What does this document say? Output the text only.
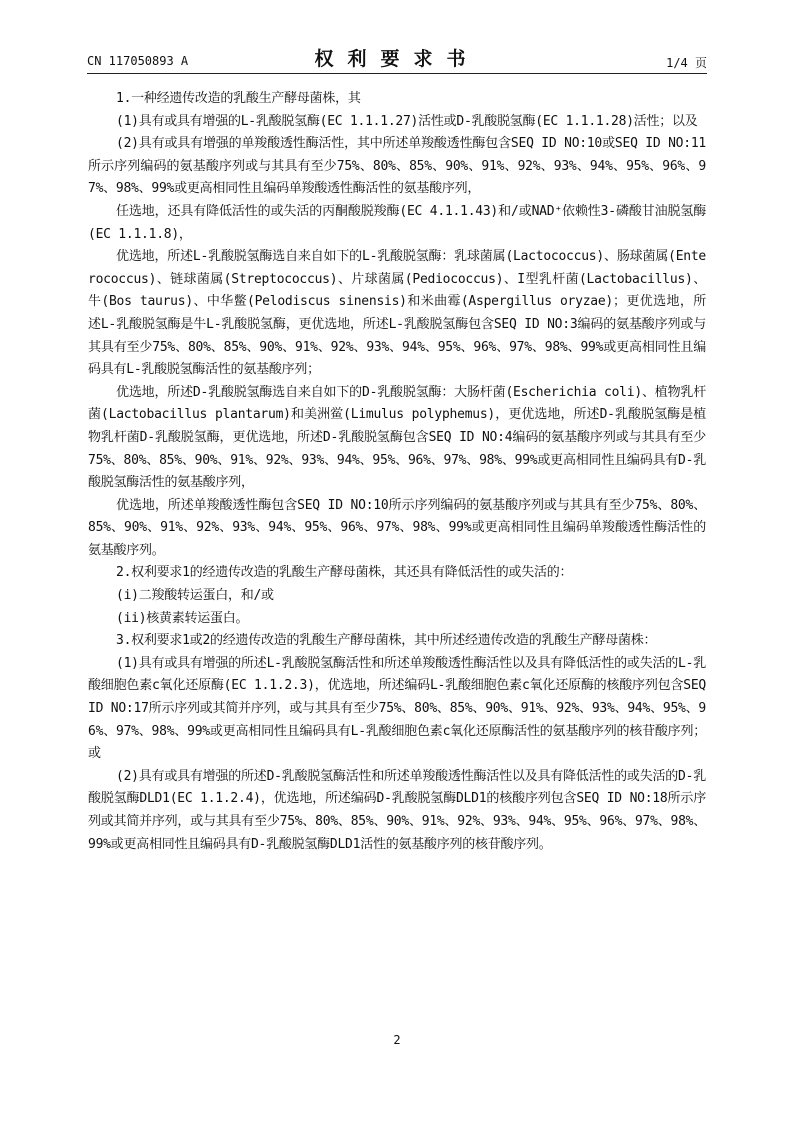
CN 117050893 A	权利要求书	1/4 页

1.一种经遗传改造的乳酸生产酵母菌株，其

(1)具有或具有增强的L-乳酸脱氢酶(EC 1.1.1.27)活性或D-乳酸脱氢酶(EC 1.1.1.28)活性；以及

(2)具有或具有增强的单羧酸透性酶活性，其中所述单羧酸透性酶包含SEQ ID NO:10或SEQ ID NO:11所示序列编码的氨基酸序列或与其具有至少75%、80%、85%、90%、91%、92%、93%、94%、95%、96%、97%、98%、99%或更高相同性且编码单羧酸透性酶活性的氨基酸序列，

任选地，还具有降低活性的或失活的丙酮酸脱羧酶(EC 4.1.1.43)和/或NAD⁺依赖性3-磷酸甘油脱氢酶(EC 1.1.1.8)，

优选地，所述L-乳酸脱氢酶选自来自如下的L-乳酸脱氢酶：乳球菌属(Lactococcus)、肠球菌属(Enterococcus)、链球菌属(Streptococcus)、片球菌属(Pediococcus)、I型乳杆菌(Lactobacillus)、牛(Bos taurus)、中华鳖(Pelodiscus sinensis)和米曲霉(Aspergillus oryzae)；更优选地，所述L-乳酸脱氢酶是牛L-乳酸脱氢酶，更优选地，所述L-乳酸脱氢酶包含SEQ ID NO:3编码的氨基酸序列或与其具有至少75%、80%、85%、90%、91%、92%、93%、94%、95%、96%、97%、98%、99%或更高相同性且编码具有L-乳酸脱氢酶活性的氨基酸序列；

优选地，所述D-乳酸脱氢酶选自来自如下的D-乳酸脱氢酶：大肠杆菌(Escherichia coli)、植物乳杆菌(Lactobacillus plantarum)和美洲鲎(Limulus polyphemus)，更优选地，所述D-乳酸脱氢酶是植物乳杆菌D-乳酸脱氢酶，更优选地，所述D-乳酸脱氢酶包含SEQ ID NO:4编码的氨基酸序列或与其具有至少75%、80%、85%、90%、91%、92%、93%、94%、95%、96%、97%、98%、99%或更高相同性且编码具有D-乳酸脱氢酶活性的氨基酸序列，

优选地，所述单羧酸透性酶包含SEQ ID NO:10所示序列编码的氨基酸序列或与其具有至少75%、80%、85%、90%、91%、92%、93%、94%、95%、96%、97%、98%、99%或更高相同性且编码单羧酸透性酶活性的氨基酸序列。

2.权利要求1的经遗传改造的乳酸生产酵母菌株，其还具有降低活性的或失活的：

(i)二羧酸转运蛋白，和/或

(ii)核黄素转运蛋白。

3.权利要求1或2的经遗传改造的乳酸生产酵母菌株，其中所述经遗传改造的乳酸生产酵母菌株：

(1)具有或具有增强的所述L-乳酸脱氢酶活性和所述单羧酸透性酶活性以及具有降低活性的或失活的L-乳酸细胞色素c氧化还原酶(EC 1.1.2.3)，优选地，所述编码L-乳酸细胞色素c氧化还原酶的核酸序列包含SEQ ID NO:17所示序列或其简并序列，或与其具有至少75%、80%、85%、90%、91%、92%、93%、94%、95%、96%、97%、98%、99%或更高相同性且编码具有L-乳酸细胞色素c氧化还原酶活性的氨基酸序列的核苷酸序列；或

(2)具有或具有增强的所述D-乳酸脱氢酶活性和所述单羧酸透性酶活性以及具有降低活性的或失活的D-乳酸脱氢酶DLD1(EC 1.1.2.4)，优选地，所述编码D-乳酸脱氢酶DLD1的核酸序列包含SEQ ID NO:18所示序列或其简并序列，或与其具有至少75%、80%、85%、90%、91%、92%、93%、94%、95%、96%、97%、98%、99%或更高相同性且编码具有D-乳酸脱氢酶DLD1活性的氨基酸序列的核苷酸序列。

2
